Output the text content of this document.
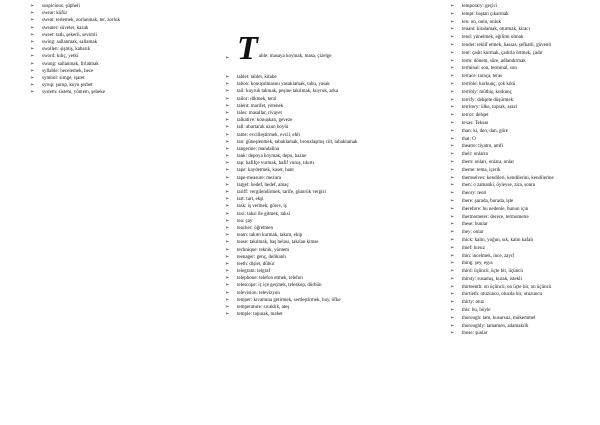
➢ suspicious: şüpheli
➢ swear: küfür
➢ sweat: terlemek, zorlanmak, ter, zorluk
➢ sweater: süveter, kazak
➢ sweet: tatlı, şekerli, sevimli
➢ swing: sallanmak, sallamak
➢ swollen: şişmiş, kabarık
➢ sword: kılıç, yetki
➢ swung: sallanmak, fırlatmak
➢ syllable: hecelemek, hece
➢ symbol: simge, işaret
➢ syrup: şurup, koyu şerbet
➢ system: sistem, yöntem, şebeke
➢ T able: masaya koymak, masa, çizelge
➢ tablet: tablet, kitabe
➢ taboo: konuşulmasını yasaklamak, tabu, yasak
➢ tail: kuyruk takmak, peşine takılmak, kuyruk, arka
➢ tailor: dikmek, terzi
➢ talent: marifet, yetenek
➢ tales: masallar, rivayet
➢ talkative: konuşkan, geveze
➢ tall: abartarak uzun boylu
➢ tame: evcilleştirmek, evcil, ehli
➢ tan: güneşlenmek, tabaklamak, bronzlaşmış cilt, tabaklamak
➢ tangerine: mandalina
➢ tank: depoya koymak, depo, hazne
➢ tap: hafifçe vurmak, hafif vuruş, tıkırtı
➢ tape: kaydetmek, kaset, bant
➢ tape-measure: mezura
➢ target: hedef, hedef, amaç
➢ tariff: vergilendirmek, tarife, gümrük vergisi
➢ tart: tart, ekşi
➢ task: iş vermek, görev, iş
➢ taxi: taksi ile gitmek, taksi
➢ tea: çay
➢ teacher: öğretmen
➢ team: takım kurmak, takım, ekip
➢ tease: takılmak, baş belası, takılan kimse
➢ technique: teknik, yöntem
➢ teenager: genç, delikanlı
➢ teeth: dişler, dübür
➢ telegram: telgraf
➢ telephone: telefon etmek, telefon
➢ telescope: iç içe geçmek, teleskop, dürbün
➢ television: televizyon
➢ temper: kıvamına getirmek, sertleştirmek, huy, öfke
➢ temperature: sıcaklık, ateş
➢ temple: tapınak, mabet
➢ temporary: geçici
➢ tempt: baştan çıkarmak
➢ ten: on, onlu, onluk
➢ tenant: kiralamak, oturmak, kiracı
➢ tend: yönelmek, eğilimi olmak
➢ tender: teklif etmek, hassas, şefkatli, güvenli
➢ tent: çadır kurmak, çadırla örtmek, çadır
➢ term: dönem, süre, adlandırmak
➢ terminal: son, terminal, son
➢ terrace: taraça, teras
➢ terrible: korkunç, çok kötü
➢ terribly: müthiş, korkunç
➢ terrify: dehşete düşürmek
➢ territory: ülke, toprak, arazi
➢ terror: dehşet
➢ texas: Teksas
➢ than: ki, den, dan, göre
➢ that: O
➢ theatre: tiyatro, amfi
➢ their: onların
➢ them: onları, onlara, onlar
➢ theme: tema, içerik
➢ themselves: kendileri, kendilerini, kendilerine
➢ then: o zamanki, öyleyse, zira, sonra
➢ theory: teori
➢ there: şurada, burada, işte
➢ therefore: bu nedenle, bunun için
➢ thermometer: derece, termometre
➢ these: bunlar
➢ they: onlar
➢ thick: kalın, yoğun, sık, kalın kafalı
➢ thief: hırsız
➢ thin: incelmek, ince, zayıf
➢ thing: şey, eşya
➢ third: üçüncü, üçte bir, üçüncü
➢ thirsty: susamış, kurak, istekli
➢ thirteenth: on üçüncü, on üçte bir, on üçüncü
➢ thirtieth: otuzuncu, otuzda bir, otuzuncu
➢ thirty: otuz
➢ this: bu, böyle
➢ thorough: tam, kusursuz, mükemmel
➢ thoroughly: tamamen, adamakıllı
➢ those: şunlar
